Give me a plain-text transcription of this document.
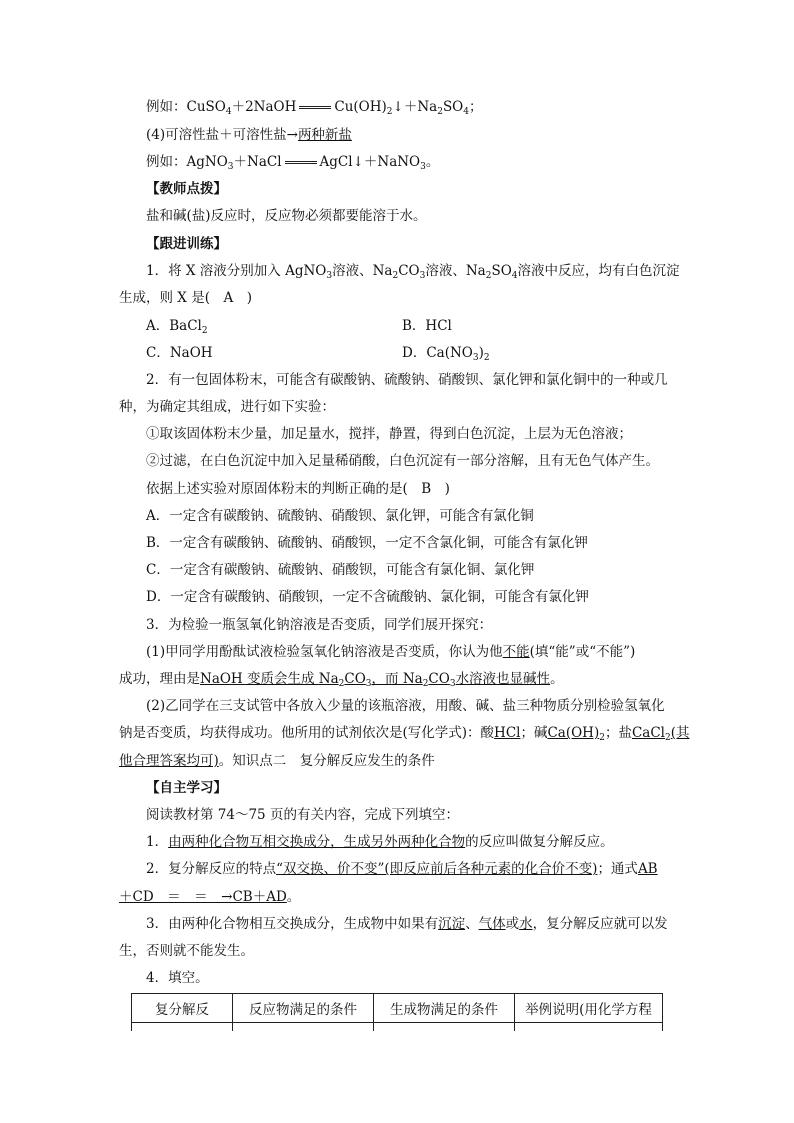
例如：CuSO$_4$＋2NaOH	$Cu(OH)_2↓+Na_2SO_4$；
(4)可溶性盐＋可溶性盐→两种新盐
例如：AgNO$_3$＋NaCl	AgCl↓＋NaNO$_3$。
【教师点拨】
盐和碱(盐)反应时，反应物必须都要能溶于水。
【跟进训练】
1．将 X 溶液分别加入 AgNO$_3$溶液、$Na_2CO_3$溶液、$Na_2SO_4$溶液中反应，均有白色沉淀
生成，则 X 是(　A　)
A．BaCl$_2$	B．HCl
C．NaOH	D．$Ca(NO_3)_2$
2．有一包固体粉末，可能含有碳酸钠、硫酸钠、硝酸钡、氯化钾和氯化铜中的一种或几
种，为确定其组成，进行如下实验：
①取该固体粉末少量，加足量水，搅拌，静置，得到白色沉淀，上层为无色溶液；
②过滤，在白色沉淀中加入足量稀硝酸，白色沉淀有一部分溶解，且有无色气体产生。
依据上述实验对原固体粉末的判断正确的是(　B　)
A．一定含有碳酸钠、硫酸钠、硝酸钡、氯化钾，可能含有氯化铜
B．一定含有碳酸钠、硫酸钠、硝酸钡，一定不含氯化铜，可能含有氯化钾
C．一定含有碳酸钠、硫酸钠、硝酸钡，可能含有氯化铜、氯化钾
D．一定含有碳酸钠、硝酸钡，一定不含硫酸钠、氯化铜，可能含有氯化钾
3．为检验一瓶氢氧化钠溶液是否变质，同学们展开探究：
(1)甲同学用酚酞试液检验氢氧化钠溶液是否变质，你认为他不能(填“能”或“不能”)
成功，理由是NaOH 变质会生成 $Na_2CO_3$，而 $Na_2CO_3$水溶液也显碱性。
(2)乙同学在三支试管中各放入少量的该瓶溶液，用酸、碱、盐三种物质分别检验氢氧化
钠是否变质，均获得成功。他所用的试剂依次是(写化学式)：酸HCl；碱$Ca(OH)_2$；盐CaCl$_2$(其
他合理答案均可)。知识点二　复分解反应发生的条件
【自主学习】
阅读教材第 74～75 页的有关内容，完成下列填空：
1．由两种化合物互相交换成分，生成另外两种化合物的反应叫做复分解反应。
2．复分解反应的特点“双交换、价不变”(即反应前后各种元素的化合价不变)；通式AB
＋CD　＝　＝　→CB＋AD。
3．由两种化合物相互交换成分，生成物中如果有沉淀、气体或水，复分解反应就可以发
生，否则就不能发生。
4．填空。
复分解反	反应物满足的条件	生成物满足的条件	举例说明(用化学方程
